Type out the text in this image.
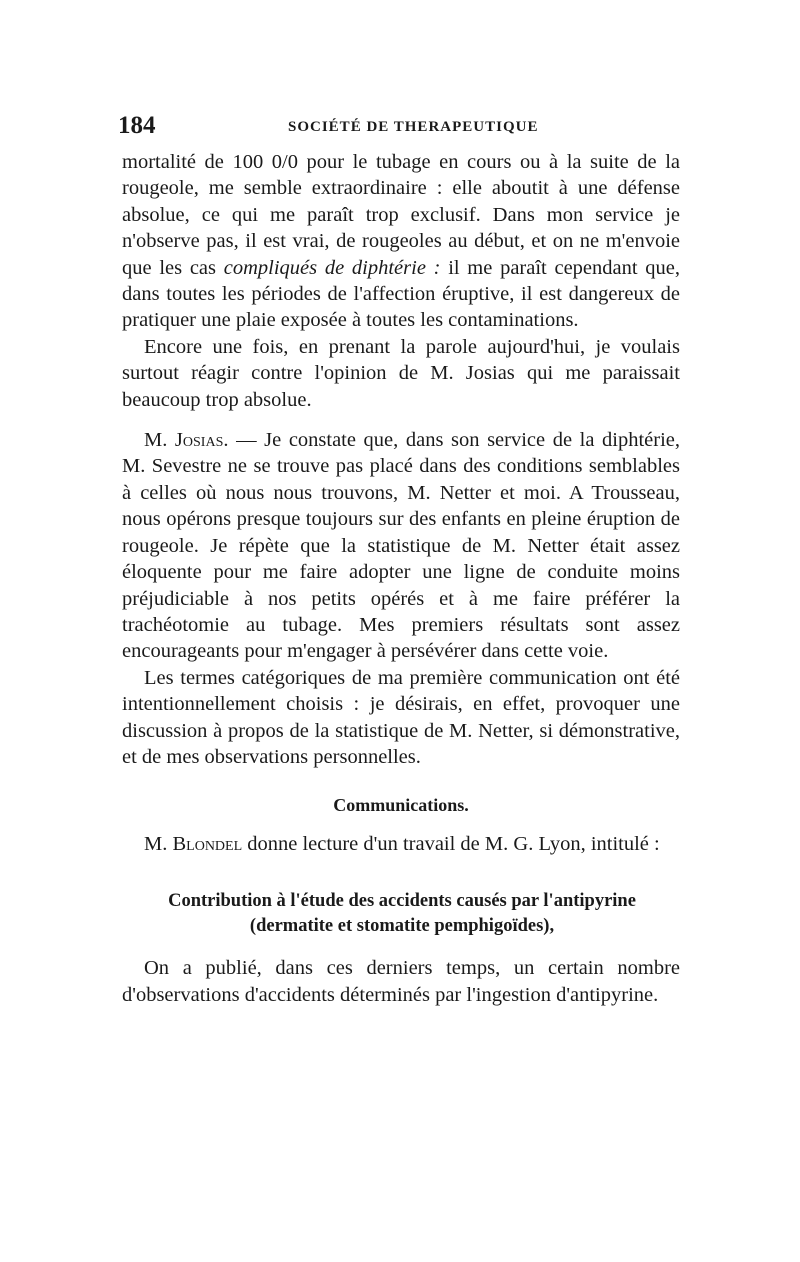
184	SOCIÉTÉ DE THERAPEUTIQUE

mortalité de 100 0/0 pour le tubage en cours ou à la suite de la rougeole, me semble extraordinaire : elle aboutit à une défense absolue, ce qui me paraît trop exclusif. Dans mon service je n'observe pas, il est vrai, de rougeoles au début, et on ne m'envoie que les cas compliqués de diphtérie : il me paraît cependant que, dans toutes les périodes de l'affection éruptive, il est dangereux de pratiquer une plaie exposée à toutes les contaminations.

Encore une fois, en prenant la parole aujourd'hui, je voulais surtout réagir contre l'opinion de M. Josias qui me paraissait beaucoup trop absolue.

M. Josias. — Je constate que, dans son service de la diphtérie, M. Sevestre ne se trouve pas placé dans des conditions semblables à celles où nous nous trouvons, M. Netter et moi. A Trousseau, nous opérons presque toujours sur des enfants en pleine éruption de rougeole. Je répète que la statistique de M. Netter était assez éloquente pour me faire adopter une ligne de conduite moins préjudiciable à nos petits opérés et à me faire préférer la trachéotomie au tubage. Mes premiers résultats sont assez encourageants pour m'engager à persévérer dans cette voie.

Les termes catégoriques de ma première communication ont été intentionnellement choisis : je désirais, en effet, provoquer une discussion à propos de la statistique de M. Netter, si démonstrative, et de mes observations personnelles.

Communications.

M. Blondel donne lecture d'un travail de M. G. Lyon, intitulé :

Contribution à l'étude des accidents causés par l'antipyrine
(dermatite et stomatite pemphigoïdes),

On a publié, dans ces derniers temps, un certain nombre d'observations d'accidents déterminés par l'ingestion d'antipyrine.
